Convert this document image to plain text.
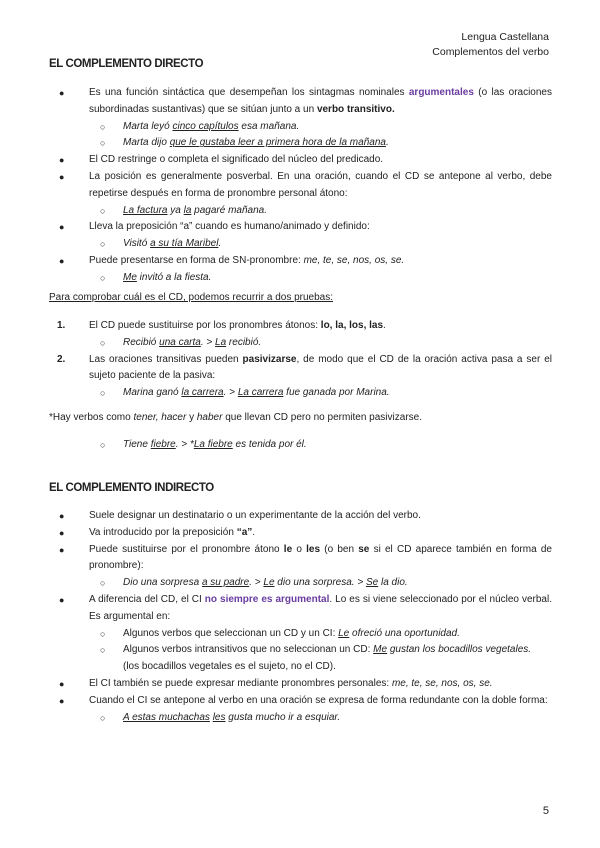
Lengua Castellana
Complementos del verbo
EL COMPLEMENTO DIRECTO
● Es una función sintáctica que desempeñan los sintagmas nominales argumentales (o las oraciones subordinadas sustantivas) que se sitúan junto a un verbo transitivo.
○ Marta leyó cinco capítulos esa mañana.
○ Marta dijo que le gustaba leer a primera hora de la mañana.
● El CD restringe o completa el significado del núcleo del predicado.
● La posición es generalmente posverbal. En una oración, cuando el CD se antepone al verbo, debe repetirse después en forma de pronombre personal átono:
○ La factura ya la pagaré mañana.
● Lleva la preposición “a” cuando es humano/animado y definido:
○ Visitó a su tía Maribel.
● Puede presentarse en forma de SN-pronombre: me, te, se, nos, os, se.
○ Me invitó a la fiesta.

Para comprobar cuál es el CD, podemos recurrir a dos pruebas:

1. El CD puede sustituirse por los pronombres átonos: lo, la, los, las.
○ Recibió una carta. > La recibió.
2. Las oraciones transitivas pueden pasivizarse, de modo que el CD de la oración activa pasa a ser el sujeto paciente de la pasiva:
○ Marina ganó la carrera. > La carrera fue ganada por Marina.

*Hay verbos como tener, hacer y haber que llevan CD pero no permiten pasivizarse.

○ Tiene fiebre. > *La fiebre es tenida por él.
EL COMPLEMENTO INDIRECTO
● Suele designar un destinatario o un experimentante de la acción del verbo.
● Va introducido por la preposición “a”.
● Puede sustituirse por el pronombre átono le o les (o ben se si el CD aparece también en forma de pronombre):
○ Dio una sorpresa a su padre. > Le dio una sorpresa. > Se la dio.
● A diferencia del CD, el CI no siempre es argumental. Lo es si viene seleccionado por el núcleo verbal. Es argumental en:
○ Algunos verbos que seleccionan un CD y un CI: Le ofreció una oportunidad.
○ Algunos verbos intransitivos que no seleccionan un CD: Me gustan los bocadillos vegetales.
(los bocadillos vegetales es el sujeto, no el CD).
● El CI también se puede expresar mediante pronombres personales: me, te, se, nos, os, se.
● Cuando el CI se antepone al verbo en una oración se expresa de forma redundante con la doble forma:
○ A estas muchachas les gusta mucho ir a esquiar.
5
